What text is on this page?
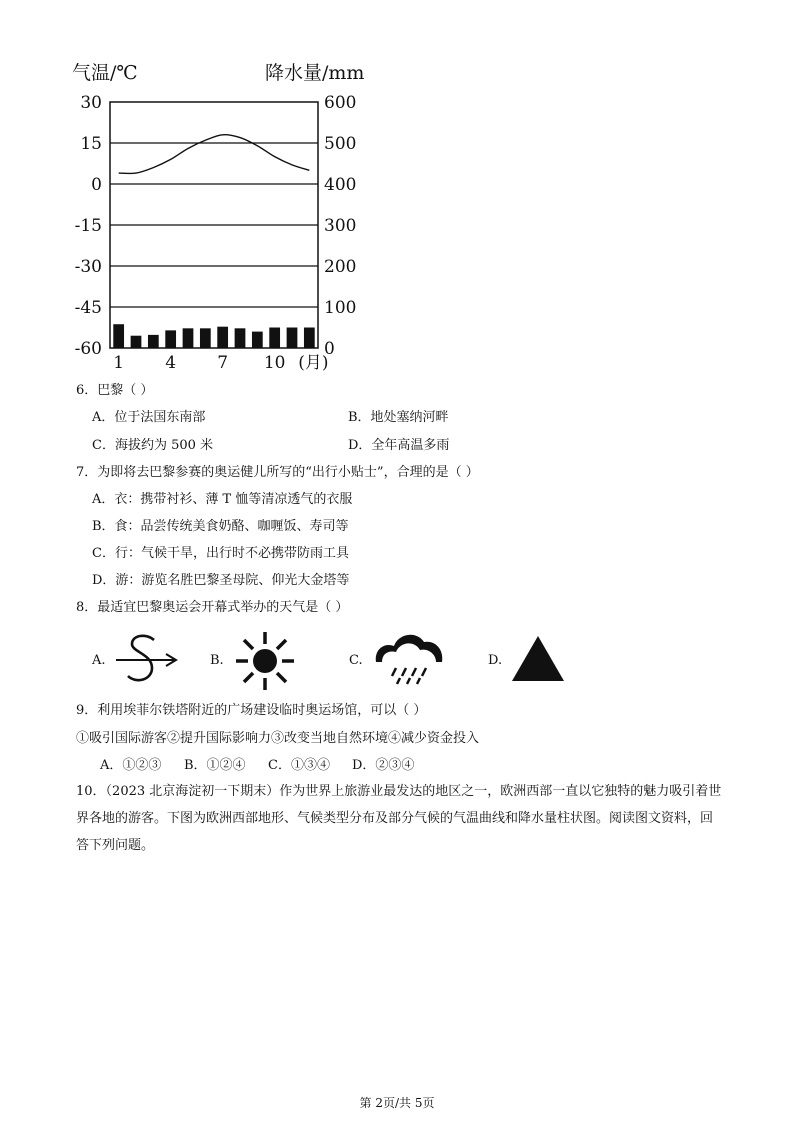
气温/℃	降水量/mm
30
15
0
-15
-30
-45
-60
600
500
400
300
200
100
0
1 4 7 10 (月)
6．巴黎（ ）
A．位于法国东南部	B．地处塞纳河畔
C．海拔约为 500 米	D．全年高温多雨
7．为即将去巴黎参赛的奥运健儿所写的“出行小贴士”，合理的是（ ）
A．衣：携带衬衫、薄 T 恤等清凉透气的衣服
B．食：品尝传统美食奶酪、咖喱饭、寿司等
C．行：气候干旱，出行时不必携带防雨工具
D．游：游览名胜巴黎圣母院、仰光大金塔等
8．最适宜巴黎奥运会开幕式举办的天气是（ ）
A.	B.	C.	D.
9．利用埃菲尔铁塔附近的广场建设临时奥运场馆，可以（ ）
①吸引国际游客②提升国际影响力③改变当地自然环境④减少资金投入
A．①②③ B．①②④ C．①③④ D．②③④
10．（2023 北京海淀初一下期末）作为世界上旅游业最发达的地区之一，欧洲西部一直以它独特的魅力吸引着世界各地的游客。下图为欧洲西部地形、气候类型分布及部分气候的气温曲线和降水量柱状图。阅读图文资料，回答下列问题。
第 2页/共 5页
